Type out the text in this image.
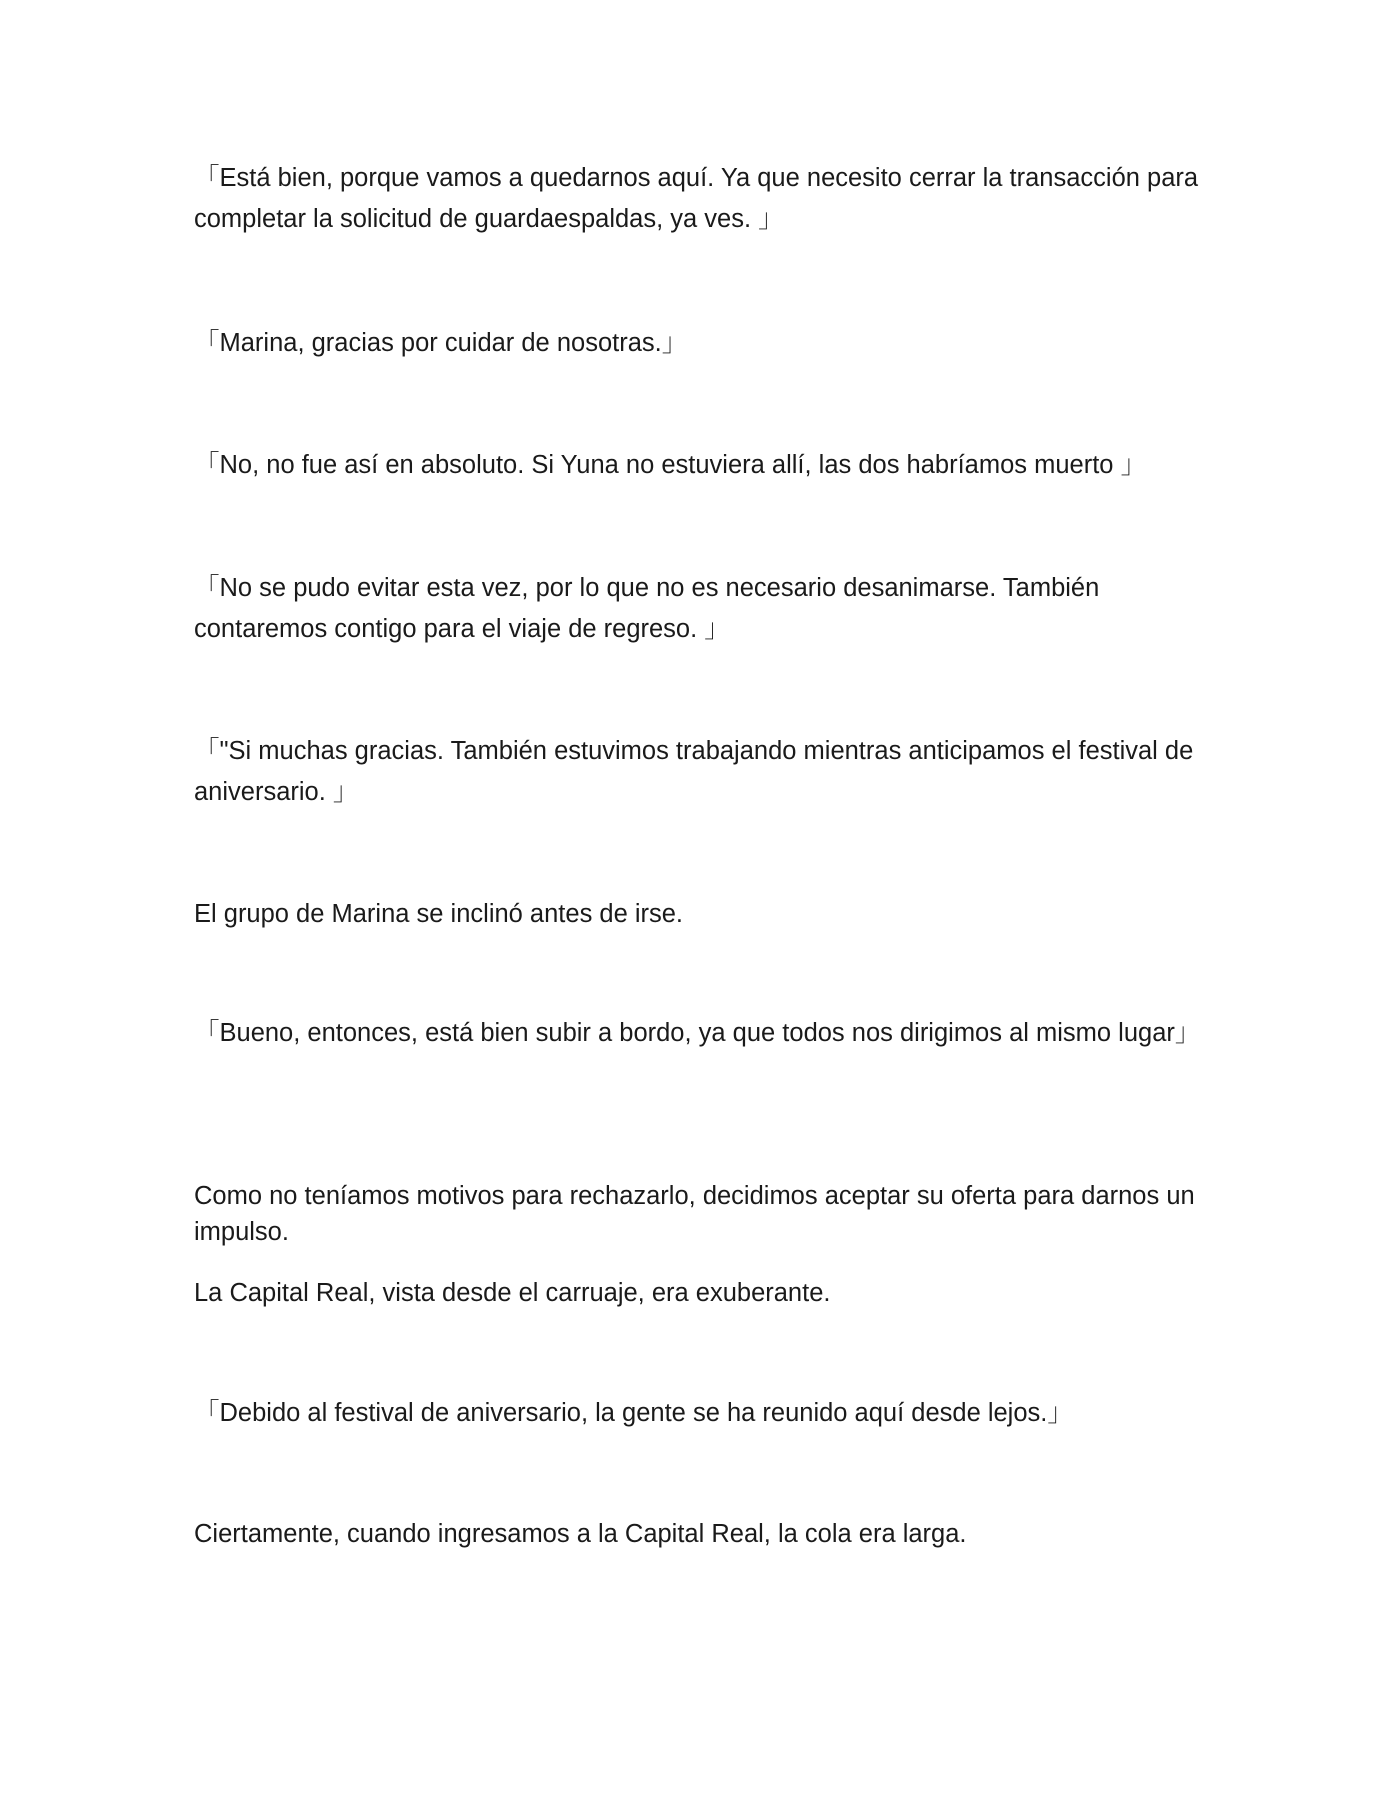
「Está bien, porque vamos a quedarnos aquí. Ya que necesito cerrar la transacción para completar la solicitud de guardaespaldas, ya ves. 」

「Marina, gracias por cuidar de nosotras.」

「No, no fue así en absoluto. Si Yuna no estuviera allí, las dos habríamos muerto 」

「No se pudo evitar esta vez, por lo que no es necesario desanimarse. También contaremos contigo para el viaje de regreso. 」

「"Si muchas gracias. También estuvimos trabajando mientras anticipamos el festival de aniversario. 」

El grupo de Marina se inclinó antes de irse.

「Bueno, entonces, está bien subir a bordo, ya que todos nos dirigimos al mismo lugar」

Como no teníamos motivos para rechazarlo, decidimos aceptar su oferta para darnos un impulso.

La Capital Real, vista desde el carruaje, era exuberante.

「Debido al festival de aniversario, la gente se ha reunido aquí desde lejos.」

Ciertamente, cuando ingresamos a la Capital Real, la cola era larga.
